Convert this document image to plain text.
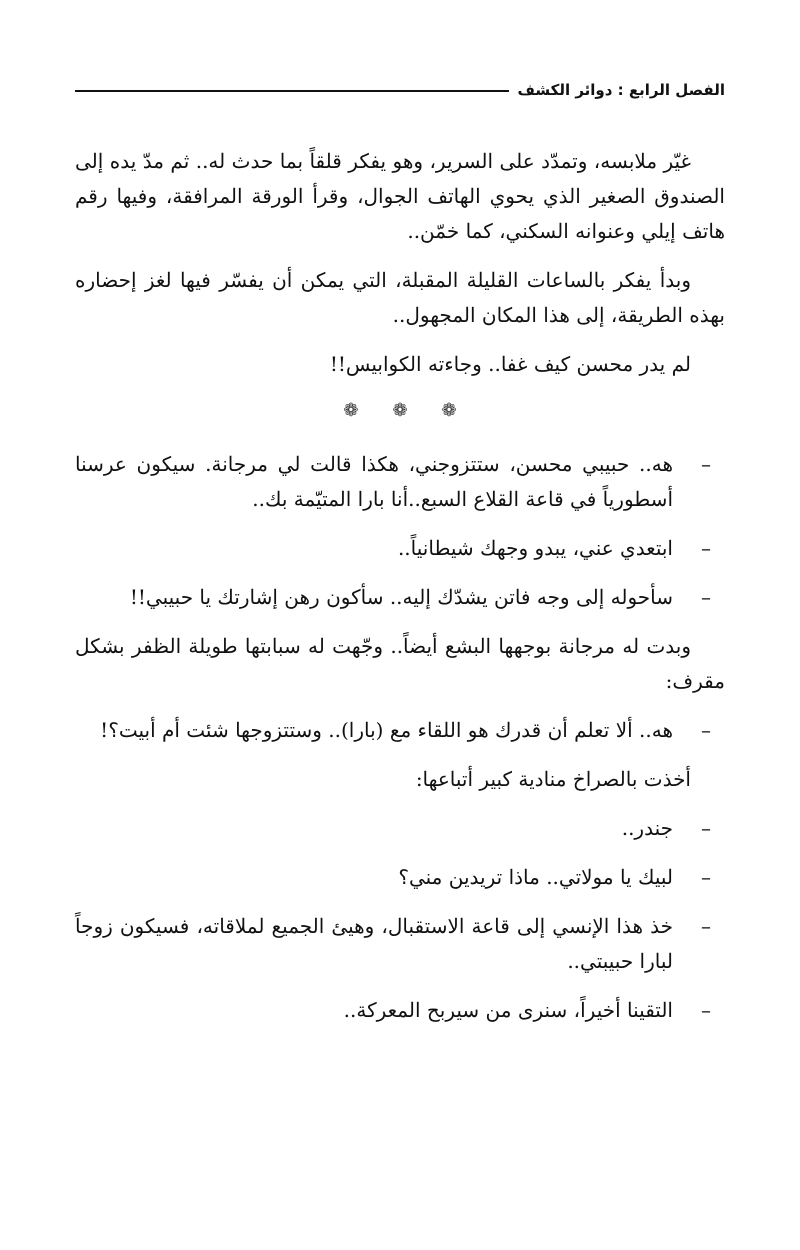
الفصل الرابع : دوائر الكشف

غيّر ملابسه، وتمدّد على السرير، وهو يفكر قلقاً بما حدث له.. ثم مدّ يده إلى الصندوق الصغير الذي يحوي الهاتف الجوال، وقرأ الورقة المرافقة، وفيها رقم هاتف إيلي وعنوانه السكني، كما خمّن..

وبدأ يفكر بالساعات القليلة المقبلة، التي يمكن أن يفسّر فيها لغز إحضاره بهذه الطريقة، إلى هذا المكان المجهول..

لم يدر محسن كيف غفا.. وجاءته الكوابيس!!

❁
❁
❁
–
هه.. حبيبي محسن، ستتزوجني، هكذا قالت لي مرجانة. سيكون عرسنا أسطورياً في قاعة القلاع السبع..أنا بارا المتيّمة بك..
–
ابتعدي عني، يبدو وجهك شيطانياً..
–
سأحوله إلى وجه فاتن يشدّك إليه.. سأكون رهن إشارتك يا حبيبي!!

وبدت له مرجانة بوجهها البشع أيضاً.. وجّهت له سبابتها طويلة الظفر بشكل مقرف:

–
هه.. ألا تعلم أن قدرك هو اللقاء مع (بارا).. وستتزوجها شئت أم أبيت؟!

أخذت بالصراخ منادية كبير أتباعها:

–
جندر..
–
لبيك يا مولاتي.. ماذا تريدين مني؟
–
خذ هذا الإنسي إلى قاعة الاستقبال، وهيئ الجميع لملاقاته، فسيكون زوجاً لبارا حبيبتي..
–
التقينا أخيراً، سنرى من سيربح المعركة..
